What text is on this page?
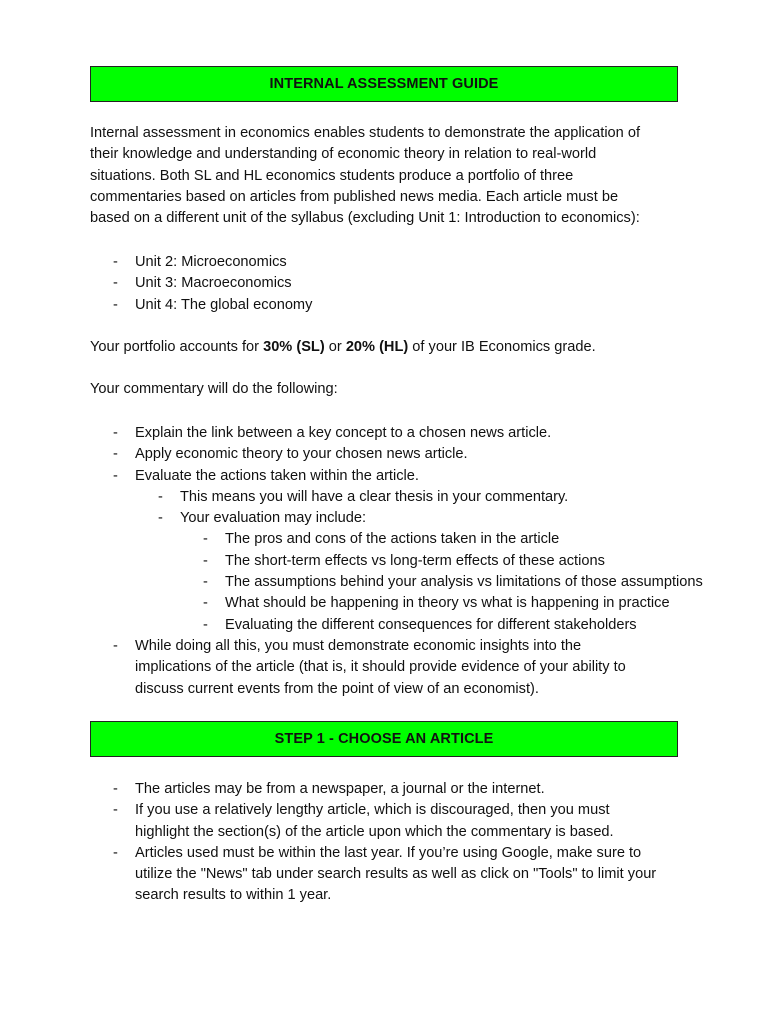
INTERNAL ASSESSMENT GUIDE
Internal assessment in economics enables students to demonstrate the application of
their knowledge and understanding of economic theory in relation to real-world
situations. Both SL and HL economics students produce a portfolio of three
commentaries based on articles from published news media. Each article must be
based on a different unit of the syllabus (excluding Unit 1: Introduction to economics):
- Unit 2: Microeconomics
- Unit 3: Macroeconomics
- Unit 4: The global economy

Your portfolio accounts for 30% (SL) or 20% (HL) of your IB Economics grade.

Your commentary will do the following:

- Explain the link between a key concept to a chosen news article.
- Apply economic theory to your chosen news article.
- Evaluate the actions taken within the article.
- This means you will have a clear thesis in your commentary.
- Your evaluation may include:
- The pros and cons of the actions taken in the article
- The short-term effects vs long-term effects of these actions
- The assumptions behind your analysis vs limitations of those assumptions
- What should be happening in theory vs what is happening in practice
- Evaluating the different consequences for different stakeholders
- While doing all this, you must demonstrate economic insights into the
implications of the article (that is, it should provide evidence of your ability to
discuss current events from the point of view of an economist).
STEP 1 - CHOOSE AN ARTICLE
- The articles may be from a newspaper, a journal or the internet.
- If you use a relatively lengthy article, which is discouraged, then you must
highlight the section(s) of the article upon which the commentary is based.
- Articles used must be within the last year. If you’re using Google, make sure to
utilize the "News" tab under search results as well as click on "Tools" to limit your
search results to within 1 year.
